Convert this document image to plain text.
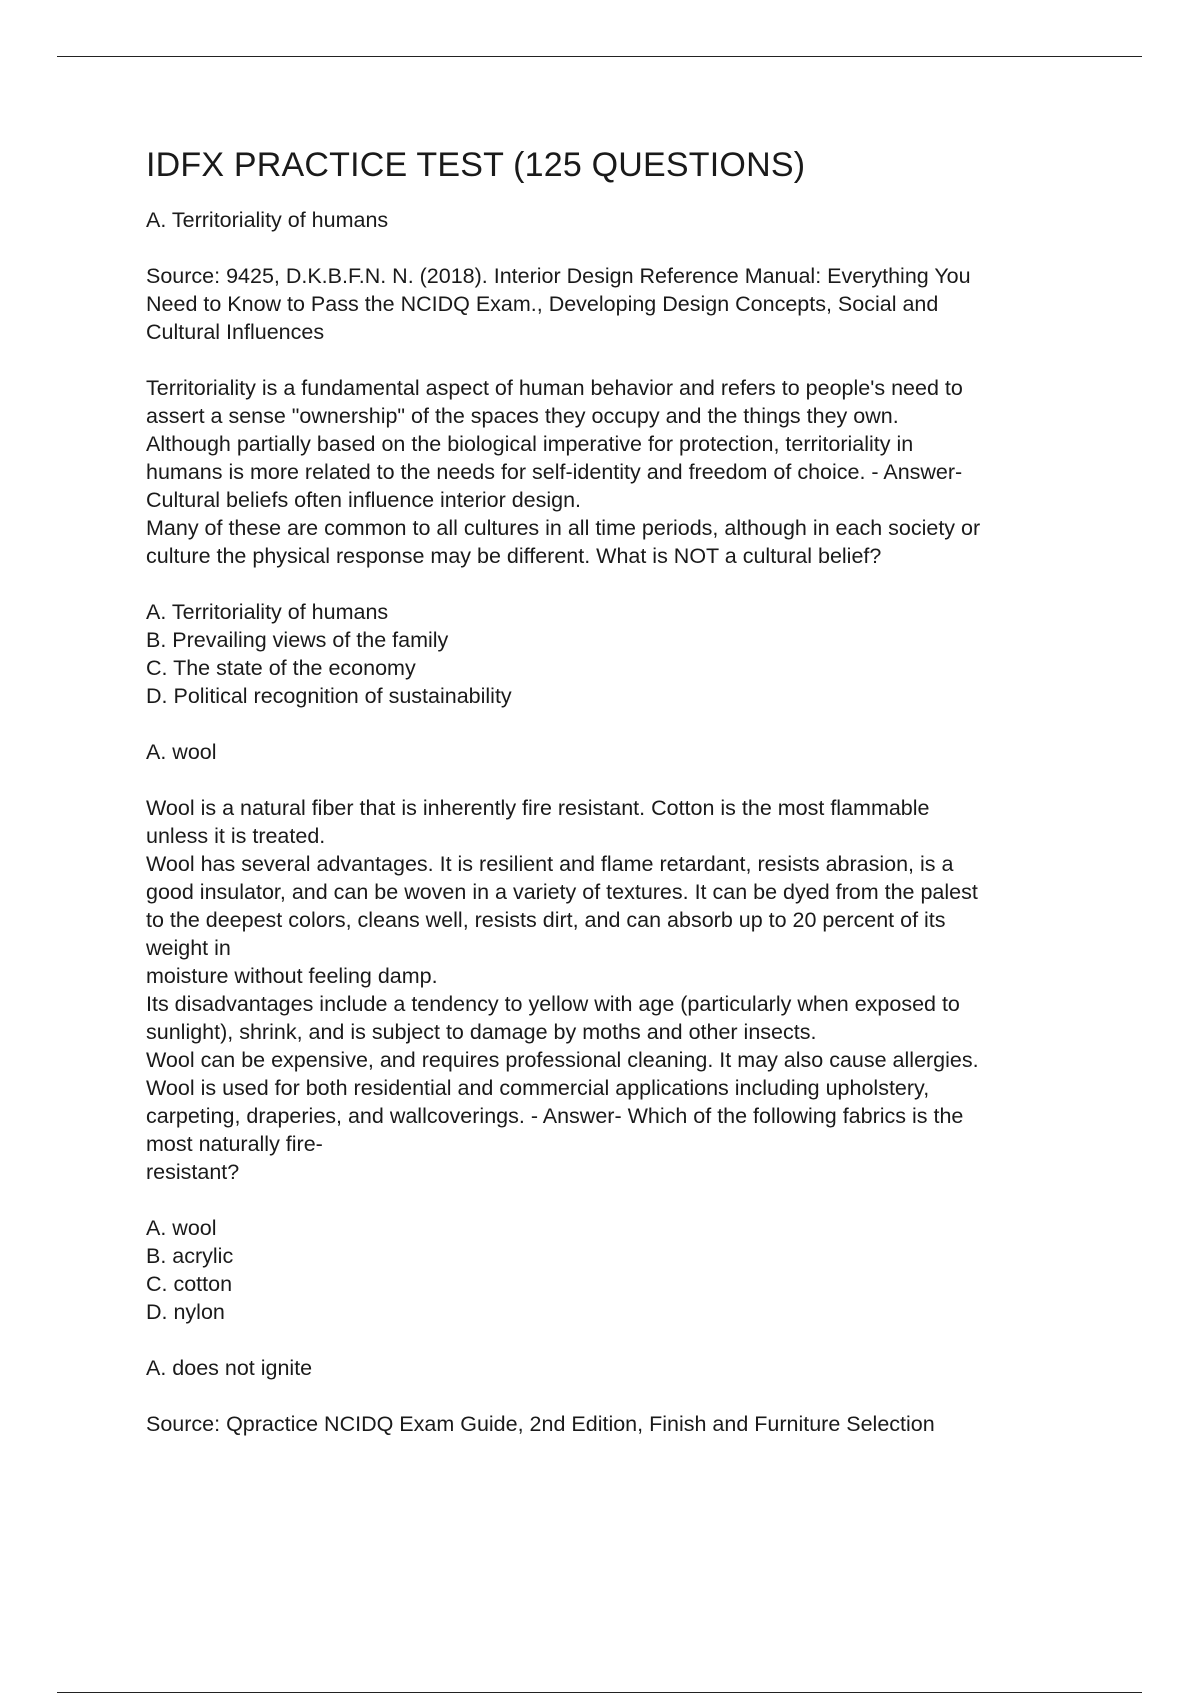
IDFX PRACTICE TEST (125 QUESTIONS)
A. Territoriality of humans
Source: 9425, D.K.B.F.N. N. (2018). Interior Design Reference Manual: Everything You
Need to Know to Pass the NCIDQ Exam., Developing Design Concepts, Social and
Cultural Influences
Territoriality is a fundamental aspect of human behavior and refers to people's need to
assert a sense "ownership" of the spaces they occupy and the things they own.
Although partially based on the biological imperative for protection, territoriality in
humans is more related to the needs for self-identity and freedom of choice. - Answer-
Cultural beliefs often influence interior design.
Many of these are common to all cultures in all time periods, although in each society or
culture the physical response may be different. What is NOT a cultural belief?
A. Territoriality of humans
B. Prevailing views of the family
C. The state of the economy
D. Political recognition of sustainability
A. wool
Wool is a natural fiber that is inherently fire resistant. Cotton is the most flammable
unless it is treated.
Wool has several advantages. It is resilient and flame retardant, resists abrasion, is a
good insulator, and can be woven in a variety of textures. It can be dyed from the palest
to the deepest colors, cleans well, resists dirt, and can absorb up to 20 percent of its
weight in
moisture without feeling damp.
Its disadvantages include a tendency to yellow with age (particularly when exposed to
sunlight), shrink, and is subject to damage by moths and other insects.
Wool can be expensive, and requires professional cleaning. It may also cause allergies.
Wool is used for both residential and commercial applications including upholstery,
carpeting, draperies, and wallcoverings. - Answer- Which of the following fabrics is the
most naturally fire-
resistant?
A. wool
B. acrylic
C. cotton
D. nylon
A. does not ignite
Source: Qpractice NCIDQ Exam Guide, 2nd Edition, Finish and Furniture Selection
